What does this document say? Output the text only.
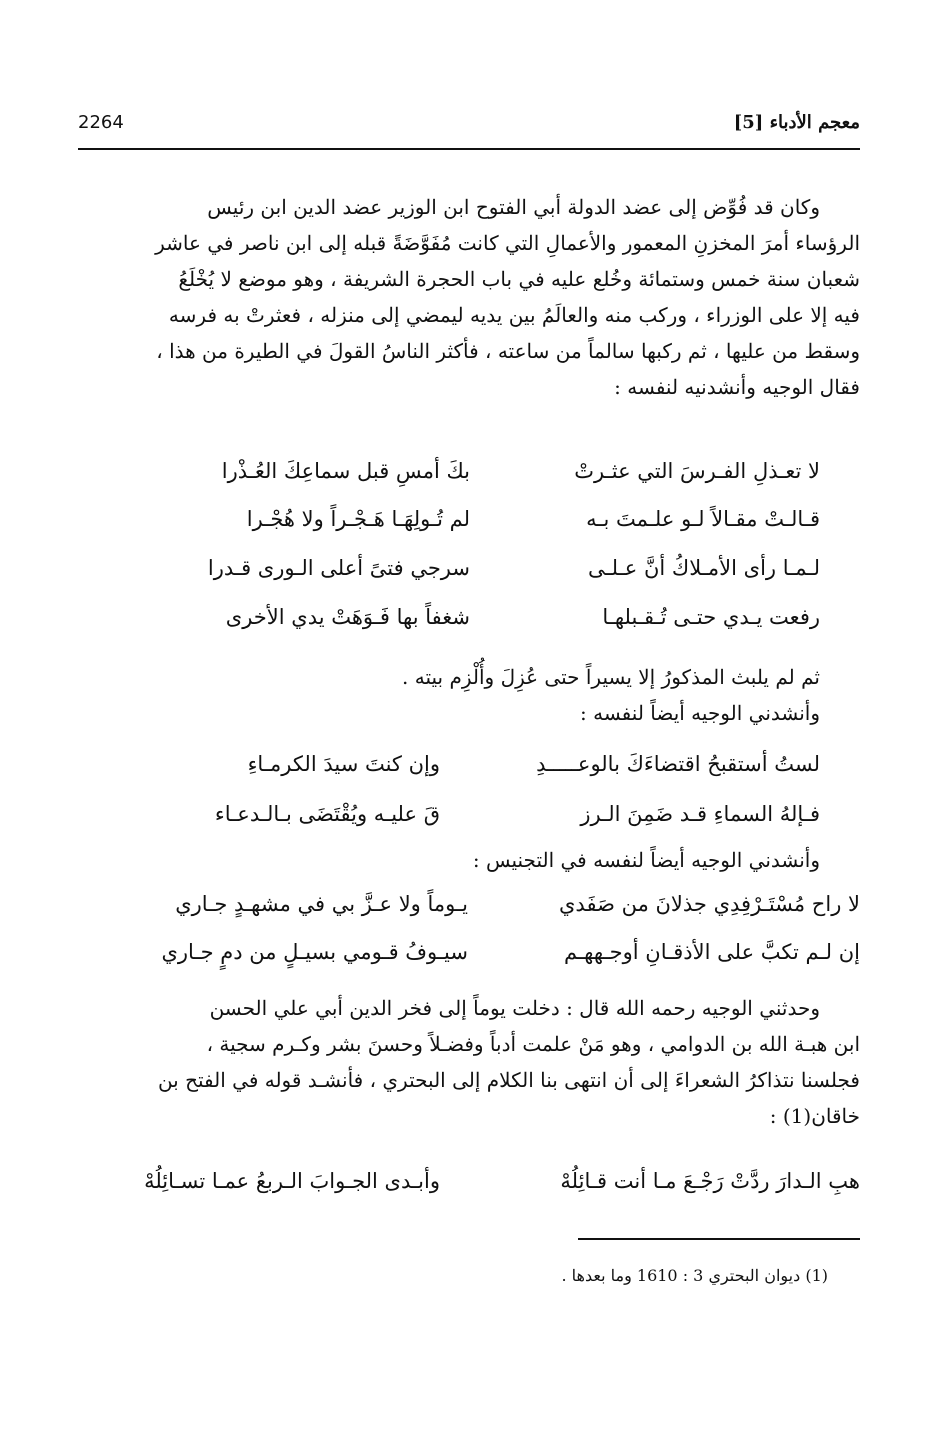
معجم الأدباء [5]
2264

وكان قد فُوِّض إلى عضد الدولة أبي الفتوح ابن الوزير عضد الدين ابن رئيس

الرؤساء أمرَ المخزنِ المعمور والأعمالِ التي كانت مُفَوَّضَةً قبله إلى ابن ناصر في عاشر

شعبان سنة خمس وستمائة وخُلع عليه في باب الحجرة الشريفة ، وهو موضع لا يُخْلَعُ

فيه إلا على الوزراء ، وركب منه والعالَمُ بين يديه ليمضي إلى منزله ، فعثرتْ به فرسه

وسقط من عليها ، ثم ركبها سالماً من ساعته ، فأكثر الناسُ القولَ في الطيرة من هذا ،

فقال الوجيه وأنشدنيه لنفسه :

لا تعـذلِ الفـرسَ التي عثـرتْ
بكَ أمسِ قبل سماعِكَ العُـذْرا
قـالـتْ مقـالاً لـو علـمتَ بـه
لم تُـولِهَـا هَـجْـراً ولا هُجْـرا
لـمـا رأى الأمـلاكُ أنَّ عـلـى
سرجي فتىً أعلى الـورى قـدرا
رفعت يـدي حتـى تُـقـبلهـا
شغفاً بها فَـوَهَتْ يدي الأخرى

ثم لم يلبث المذكورُ إلا يسيراً حتى عُزِلَ وأُلْزِم بيته .

وأنشدني الوجيه أيضاً لنفسه :

لستُ أستقبحُ اقتضاءَكَ بالوعـــــدِ
وإن كنتَ سيدَ الكرمـاءِ
فـإلهُ السماءِ قـد ضَمِنَ الـرز
قَ عليـه ويُقْتَضَى بـالـدعـاء

وأنشدني الوجيه أيضاً لنفسه في التجنيس :

لا راح مُسْتَـرْفِدِي جذلانَ من صَفَدي
يـوماً ولا عـزَّ بي في مشهـدٍ جـاري
إن لـم تكبَّ على الأذقـانِ أوجـههـم
سيـوفُ قـومي بسيـلٍ من دمٍ جـاري

وحدثني الوجيه رحمه الله قال : دخلت يوماً إلى فخر الدين أبي علي الحسن

ابن هبـة الله بن الدوامي ، وهو مَنْ علمت أدباً وفضـلاً وحسنَ بشر وكـرم سجية ،

فجلسنا نتذاكرُ الشعراءَ إلى أن انتهى بنا الكلام إلى البحتري ، فأنشـد قوله في الفتح بن

خاقان(1) :

هبِ الـدارَ ردَّتْ رَجْـعَ مـا أنت قـائِلُهْ
وأبـدى الجـوابَ الـربعُ عمـا تسـائِلُهْ
(1) ديوان البحتري 3 : 1610 وما بعدها .
